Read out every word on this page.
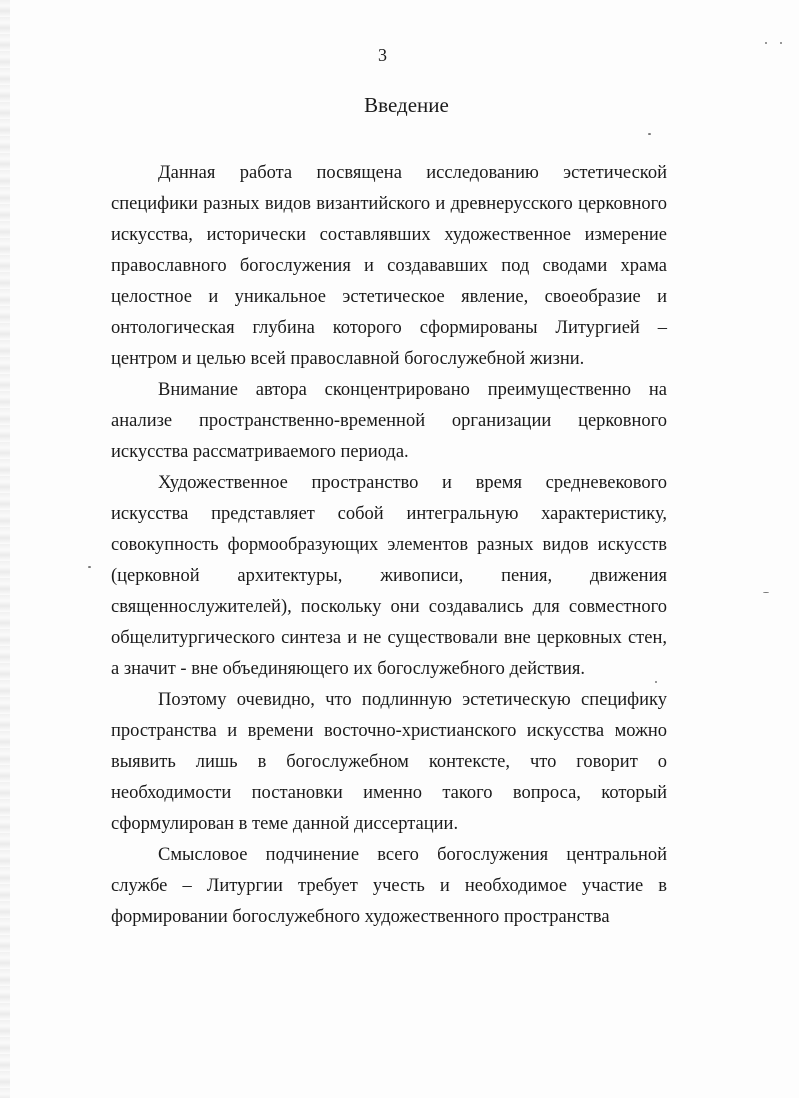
3
Введение

Данная работа посвящена исследованию эстетической специфики разных видов византийского и древнерусского церковного искусства, исторически составлявших художественное измерение православного богослужения и создававших под сводами храма целостное и уникальное эстетическое явление, своеобразие и онтологическая глубина которого сформированы Литургией – центром и целью всей православной богослужебной жизни.

Внимание автора сконцентрировано преимущественно на анализе пространственно-временной организации церковного искусства рассматриваемого периода.

Художественное пространство и время средневекового искусства представляет собой интегральную характеристику, совокупность формообразующих элементов разных видов искусств (церковной архитектуры, живописи, пения, движения священнослужителей), поскольку они создавались для совместного общелитургического синтеза и не существовали вне церковных стен, а значит - вне объединяющего их богослужебного действия.

Поэтому очевидно, что подлинную эстетическую специфику пространства и времени восточно-христианского искусства можно выявить лишь в богослужебном контексте, что говорит о необходимости постановки именно такого вопроса, который сформулирован в теме данной диссертации.

Смысловое подчинение всего богослужения центральной службе – Литургии требует учесть и необходимое участие в формировании богослужебного художественного пространства
